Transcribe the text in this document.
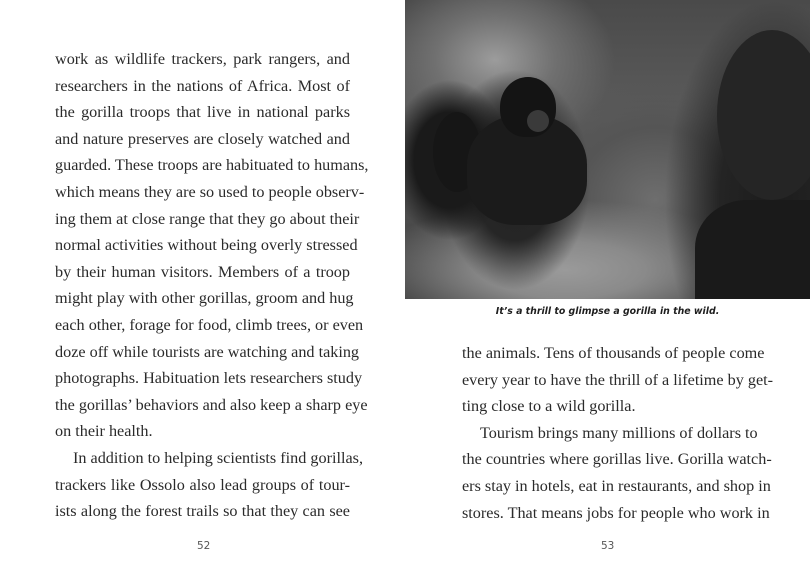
work as wildlife trackers, park rangers, and
researchers in the nations of Africa. Most of
the gorilla troops that live in national parks
and nature preserves are closely watched and
guarded. These troops are habituated to humans,
which means they are so used to people observ-
ing them at close range that they go about their
normal activities without being overly stressed
by their human visitors. Members of a troop
might play with other gorillas, groom and hug
each other, forage for food, climb trees, or even
doze off while tourists are watching and taking
photographs. Habituation lets researchers study
the gorillas’ behaviors and also keep a sharp eye
on their health.
In addition to helping scientists find gorillas,
trackers like Ossolo also lead groups of tour-
ists along the forest trails so that they can see
52
It’s a thrill to glimpse a gorilla in the wild.
the animals. Tens of thousands of people come
every year to have the thrill of a lifetime by get-
ting close to a wild gorilla.
Tourism brings many millions of dollars to
the countries where gorillas live. Gorilla watch-
ers stay in hotels, eat in restaurants, and shop in
stores. That means jobs for people who work in
53
